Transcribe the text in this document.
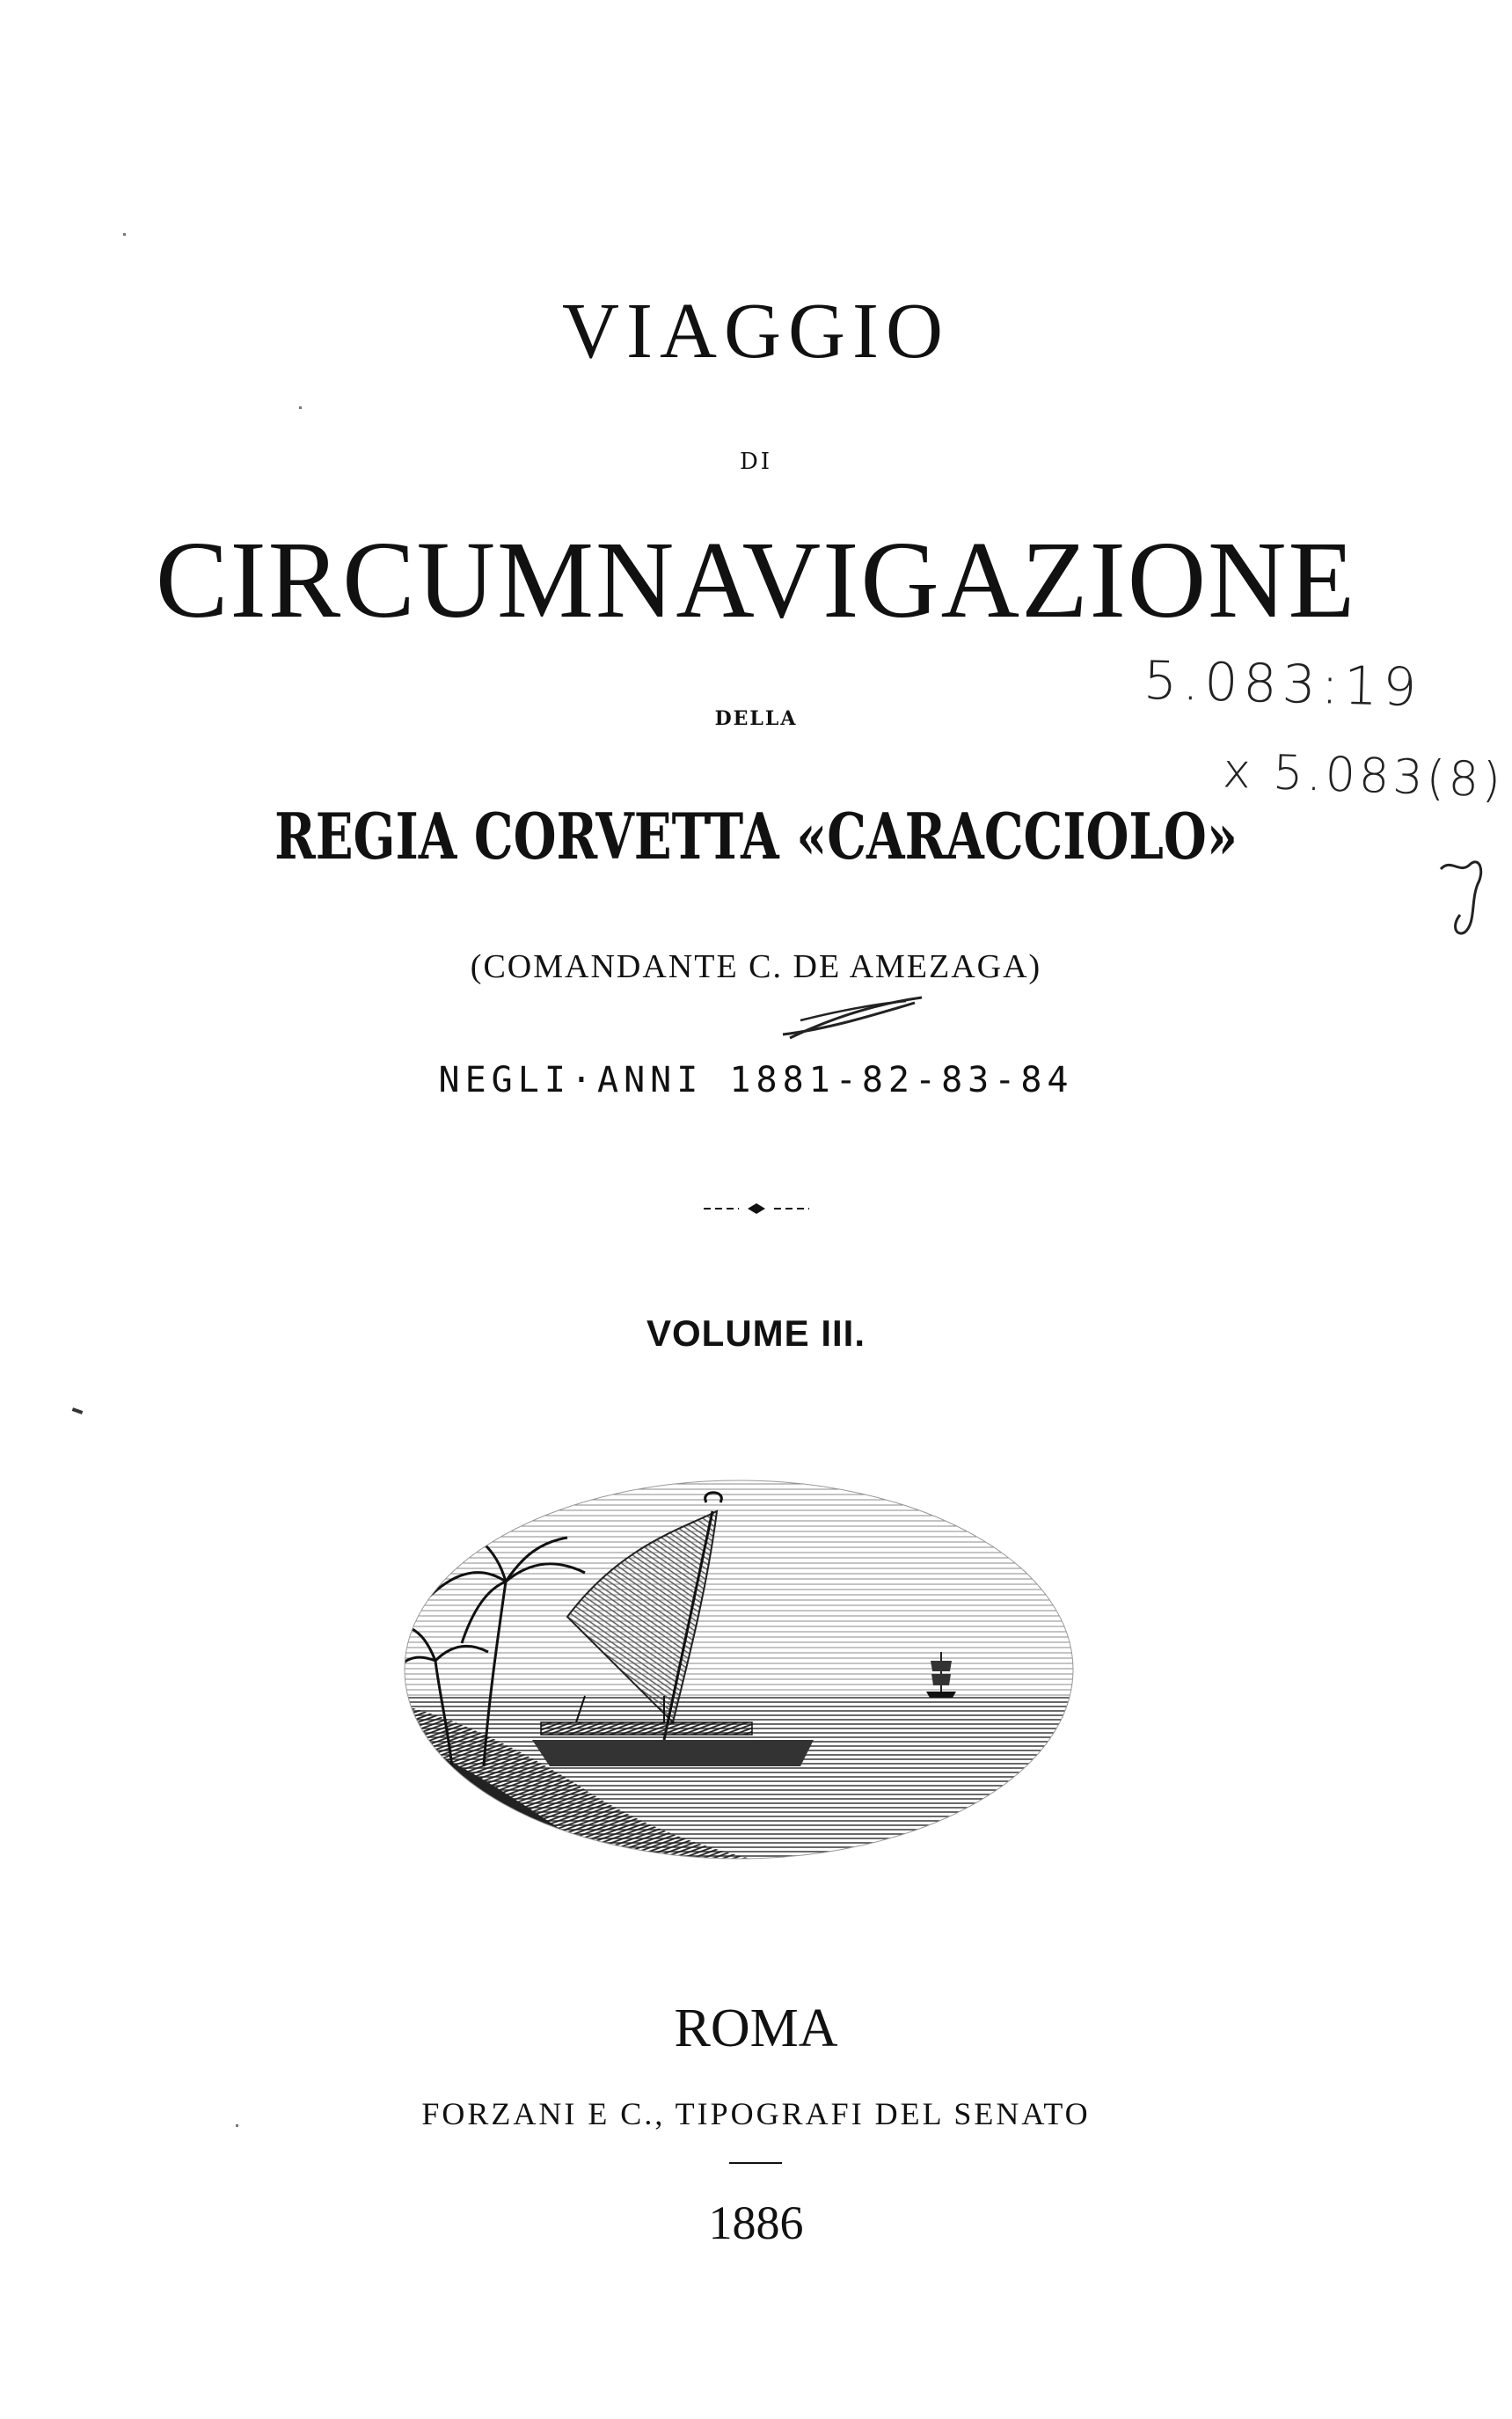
VIAGGIO
DI
CIRCUMNAVIGAZIONE
DELLA
REGIA CORVETTA «CARACCIOLO»
(COMANDANTE C. DE AMEZAGA)
NEGLI·ANNI 1881-82-83-84
VOLUME III.
ROMA
FORZANI E C., TIPOGRAFI DEL SENATO
1886
5.083:19
x 5.083(8)
